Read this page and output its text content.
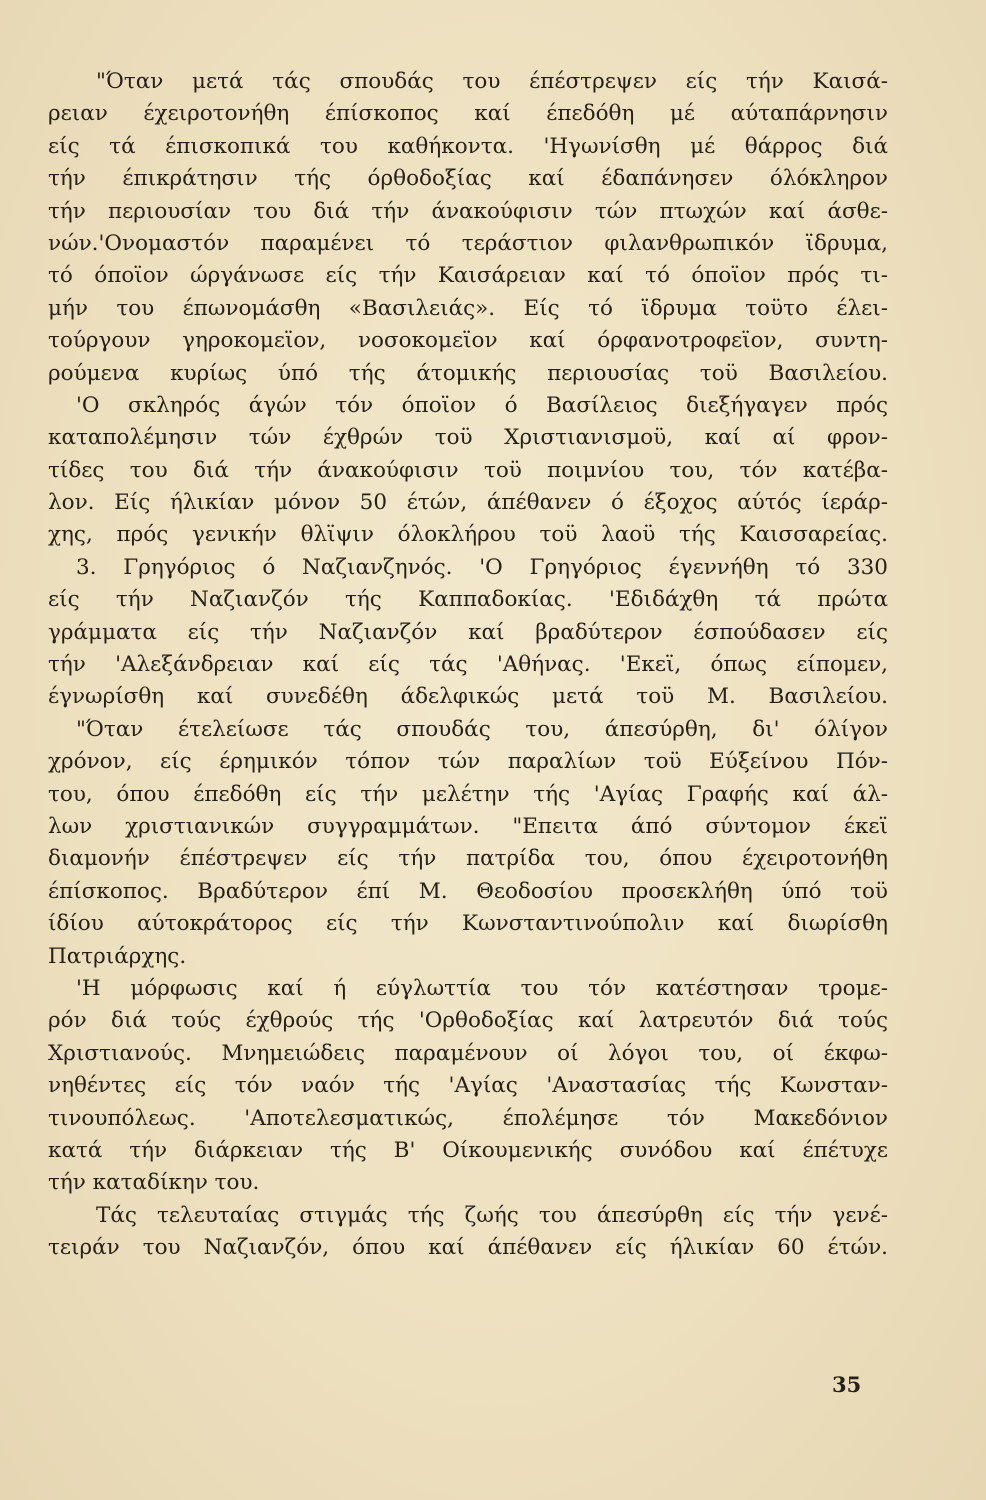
"Όταν μετά τάς σπουδάς του έπέστρεψεν είς τήν Καισά-
ρειαν έχειροτονήθη έπίσκοπος καί έπεδόθη μέ αύταπάρνησιν
είς τά έπισκοπικά του καθήκοντα. 'Ηγωνίσθη μέ θάρρος διά
τήν έπικράτησιν τής όρθοδοξίας καί έδαπάνησεν όλόκληρον
τήν περιουσίαν του διά τήν άνακούφισιν τών πτωχών καί άσθε-
νών.'Ονομαστόν παραμένει τό τεράστιον φιλανθρωπικόν ϊδρυμα,
τό όποϊον ώργάνωσε είς τήν Καισάρειαν καί τό όποϊον πρός τι-
μήν του έπωνομάσθη «Βασιλειάς». Είς τό ϊδρυμα τοϋτο έλει-
τούργουν γηροκομεϊον, νοσοκομεϊον καί όρφανοτροφεϊον, συντη-
ρούμενα κυρίως ύπό τής άτομικής περιουσίας τοϋ Βασιλείου.
'Ο σκληρός άγών τόν όποϊον ό Βασίλειος διεξήγαγεν πρός
καταπολέμησιν τών έχθρών τοϋ Χριστιανισμοϋ, καί αί φρον-
τίδες του διά τήν άνακούφισιν τοϋ ποιμνίου του, τόν κατέβα-
λον. Είς ήλικίαν μόνον 50 έτών, άπέθανεν ό έξοχος αύτός ίεράρ-
χης, πρός γενικήν θλϊψιν όλοκλήρου τοϋ λαοϋ τής Καισσαρείας.
3. Γρηγόριος ό Ναζιανζηνός. 'Ο Γρηγόριος έγεννήθη τό 330
είς τήν Ναζιανζόν τής Καππαδοκίας. 'Εδιδάχθη τά πρώτα
γράμματα είς τήν Ναζιανζόν καί βραδύτερον έσπούδασεν είς
τήν 'Αλεξάνδρειαν καί είς τάς 'Αθήνας. 'Εκεϊ, όπως είπομεν,
έγνωρίσθη καί συνεδέθη άδελφικώς μετά τοϋ Μ. Βασιλείου.
"Όταν έτελείωσε τάς σπουδάς του, άπεσύρθη, δι' όλίγον
χρόνον, είς έρημικόν τόπον τών παραλίων τοϋ Εύξείνου Πόν-
του, όπου έπεδόθη είς τήν μελέτην τής 'Αγίας Γραφής καί άλ-
λων χριστιανικών συγγραμμάτων. "Επειτα άπό σύντομον έκεϊ
διαμονήν έπέστρεψεν είς τήν πατρίδα του, όπου έχειροτονήθη
έπίσκοπος. Βραδύτερον έπί Μ. Θεοδοσίου προσεκλήθη ύπό τοϋ
ίδίου αύτοκράτορος είς τήν Κωνσταντινούπολιν καί διωρίσθη
Πατριάρχης.
'Η μόρφωσις καί ή εύγλωττία του τόν κατέστησαν τρομε-
ρόν διά τούς έχθρούς τής 'Ορθοδοξίας καί λατρευτόν διά τούς
Χριστιανούς. Μνημειώδεις παραμένουν οί λόγοι του, οί έκφω-
νηθέντες είς τόν ναόν τής 'Αγίας 'Αναστασίας τής Κωνσταν-
τινουπόλεως. 'Αποτελεσματικώς, έπολέμησε τόν Μακεδόνιον
κατά τήν διάρκειαν τής Β' Οίκουμενικής συνόδου καί έπέτυχε
τήν καταδίκην του.
Τάς τελευταίας στιγμάς τής ζωής του άπεσύρθη είς τήν γενέ-
τειράν του Ναζιανζόν, όπου καί άπέθανεν είς ήλικίαν 60 έτών.
35
